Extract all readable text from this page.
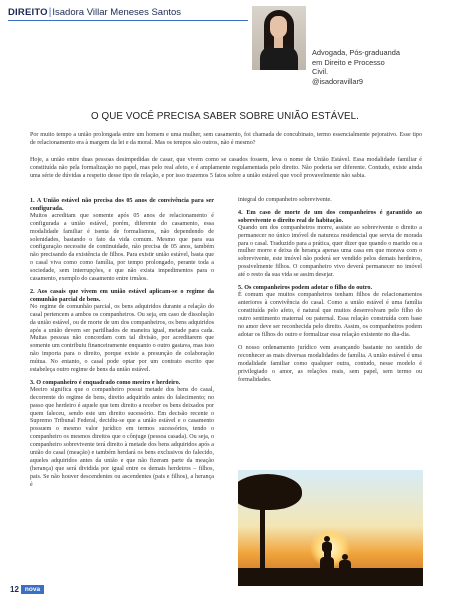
DIREITO | Isadora Villar Meneses Santos
Advogada, Pós-graduanda
em Direito e Processo
Civil.
@isadoravillar9
O QUE VOCÊ PRECISA SABER SOBRE UNIÃO ESTÁVEL.

Por muito tempo a união prolongada entre um homem e uma mulher, sem casamento, foi chamada de concubinato, termo essencialmente pejorativo. Esse tipo de relacionamento era à margem da lei e da moral. Mas os tempos são outros, não é mesmo?

Hoje, a união entre duas pessoas desimpedidas de casar, que vivem como se casados fossem, leva o nome de União Estável. Essa modalidade familiar é constituída não pela formalização no papel, mas pelo real afeto, e é amplamente regulamentada pelo direito. Não poderia ser diferente. Contudo, existe ainda uma série de dúvidas a respeito desse tipo de relação, e por isso trazemos 5 fatos sobre a união estável que você provavelmente não sabia.

1. A União estável não precisa dos 05 anos de convivência para ser configurada.

Muitos acreditam que somente após 05 anos de relacionamento é configurada a união estável, porém, diferente do casamento, essa modalidade familiar é isenta de formalismos, não dependendo de solenidades, bastando o fato da vida comum. Mesmo que para sua configuração necessite de continuidade, não precisa de 05 anos, também não precisando da existência de filhos. Para existir união estável, basta que o casal viva como como família, por tempo prolongado, perante toda a sociedade, sem interrupções, e que não exista impedimentos para o casamento, exemplo do casamento entre irmãos.

2. Aos casais que vivem em união estável aplicam-se o regime da comunhão parcial de bens.

No regime de comunhão parcial, os bens adquiridos durante a relação do casal pertencem a ambos os companheiros. Ou seja, em caso de dissolução da união estável, ou de morte de um dos companheiros, os bens adquiridos após a união devem ser partilhados de maneira igual, metade para cada. Muitas pessoas não concordam com tal divisão, por acreditarem que somente um contribuiu financeiramente enquanto o outro gastava, mas isso não importa para o direito, porque existe a presunção de colaboração mútua. No entanto, o casal pode optar por um contrato escrito que estabeleça outro regime de bens da união estável.

3. O companheiro é enquadrado como meeiro e herdeiro.

Meeiro significa que o companheiro possui metade dos bens do casal, decorrente do regime de bens, direito adquirido antes do falecimento; no passo que herdeiro é aquele que tem direito a receber os bens deixados por quem faleceu, sendo este um direito sucessório. Em decisão recente o Supremo Tribunal Federal, decidiu-se que a união estável e o casamento possuem o mesmo valor jurídico em termos sucessórios, tendo o companheiro os mesmos direitos que o cônjuge (pessoa casada). Ou seja, o companheiro sobrevivente terá direito à metade dos bens adquiridos após a união do casal (meação) e também herdará os bens exclusivos do falecido, aqueles adquiridos antes da união e que não fizeram parte da meação (herança) que será dividida por igual entre os demais herdeiros – filhos, pais. Se não houver descendentes ou ascendentes (pais e filhos), a herança é

integral do companheiro sobrevivente.

4. Em caso de morte de um dos companheiros é garantido ao sobrevivente o direito real de habitação.

Quando um dos companheiros morre, assiste ao sobrevivente o direito a permanecer no único imóvel de natureza residencial que servia de morada para o casal. Traduzido para a prática, quer dizer que quando o marido ou a mulher morre e deixa de herança apenas uma casa em que morava com o sobrevivente, este imóvel não poderá ser vendido pelos demais herdeiros, possivelmente filhos. O companheiro vivo deverá permanecer no imóvel até o resto da sua vida se assim desejar.

5. Os companheiros podem adotar o filho do outro.

É comum que muitos companheiros tenham filhos de relacionamentos anteriores à convivência do casal. Como a união estável é uma família constituída pelo afeto, é natural que muitos desenvolvam pelo filho do outro sentimento maternal ou paternal. Essa relação construída com base no amor deve ser reconhecida pelo direito. Assim, os companheiros podem adotar os filhos do outro e formalizar essa relação existente no dia-dia.

O nosso ordenamento jurídico vem avançando bastante no sentido de reconhecer as mais diversas modalidades de família. A união estável é uma modalidade familiar como qualquer outra, contudo, nesse modelo é privilegiado o amor, as relações reais, sem papel, sem termo ou formalidades.

12 nova
